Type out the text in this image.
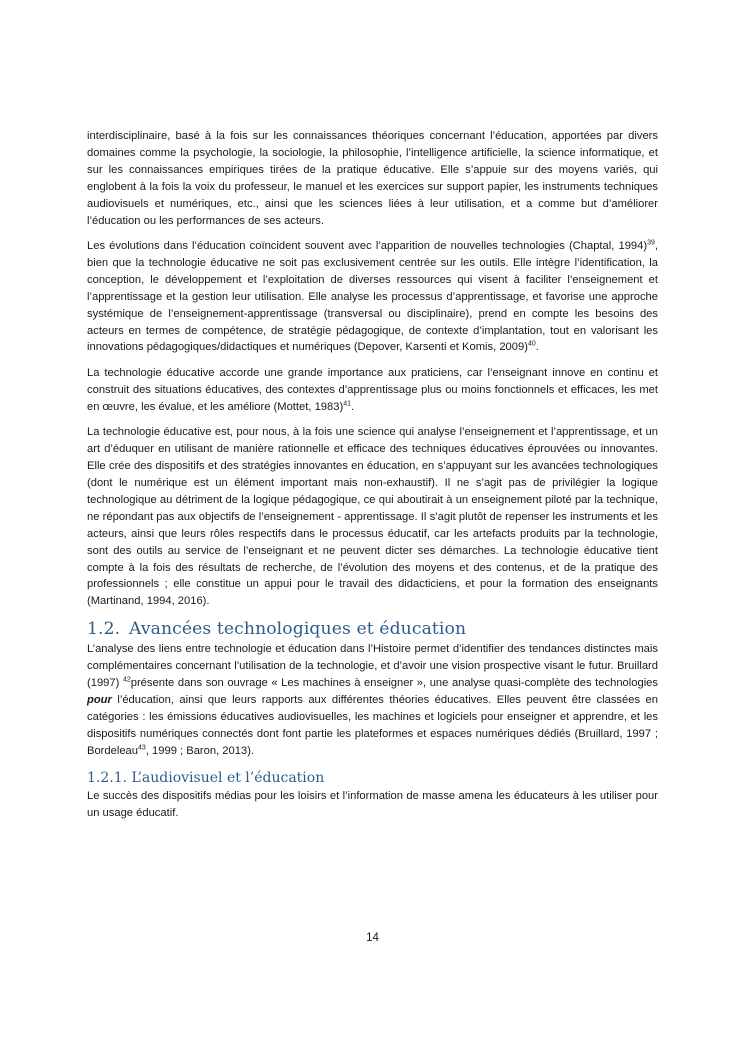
interdisciplinaire, basé à la fois sur les connaissances théoriques concernant l’éducation, apportées par divers domaines comme la psychologie, la sociologie, la philosophie, l’intelligence artificielle, la science informatique, et sur les connaissances empiriques tirées de la pratique éducative. Elle s’appuie sur des moyens variés, qui englobent à la fois la voix du professeur, le manuel et les exercices sur support papier, les instruments techniques audiovisuels et numériques, etc., ainsi que les sciences liées à leur utilisation, et a comme but d’améliorer l’éducation ou les performances de ses acteurs.

Les évolutions dans l’éducation coïncident souvent avec l’apparition de nouvelles technologies (Chaptal, 1994)$^{39}$, bien que la technologie éducative ne soit pas exclusivement centrée sur les outils. Elle intègre l’identification, la conception, le développement et l’exploitation de diverses ressources qui visent à faciliter l’enseignement et l’apprentissage et la gestion leur utilisation. Elle analyse les processus d’apprentissage, et favorise une approche systémique de l’enseignement-apprentissage (transversal ou disciplinaire), prend en compte les besoins des acteurs en termes de compétence, de stratégie pédagogique, de contexte d’implantation, tout en valorisant les innovations pédagogiques/didactiques et numériques (Depover, Karsenti et Komis, 2009)$^{40}$.

La technologie éducative accorde une grande importance aux praticiens, car l’enseignant innove en continu et construit des situations éducatives, des contextes d’apprentissage plus ou moins fonctionnels et efficaces, les met en œuvre, les évalue, et les améliore (Mottet, 1983)$^{41}$.

La technologie éducative est, pour nous, à la fois une science qui analyse l’enseignement et l’apprentissage, et un art d’éduquer en utilisant de manière rationnelle et efficace des techniques éducatives éprouvées ou innovantes. Elle crée des dispositifs et des stratégies innovantes en éducation, en s’appuyant sur les avancées technologiques (dont le numérique est un élément important mais non-exhaustif). Il ne s’agit pas de privilégier la logique technologique au détriment de la logique pédagogique, ce qui aboutirait à un enseignement piloté par la technique, ne répondant pas aux objectifs de l’enseignement - apprentissage. Il s’agit plutôt de repenser les instruments et les acteurs, ainsi que leurs rôles respectifs dans le processus éducatif, car les artefacts produits par la technologie, sont des outils au service de l’enseignant et ne peuvent dicter ses démarches. La technologie éducative tient compte à la fois des résultats de recherche, de l’évolution des moyens et des contenus, et de la pratique des professionnels ; elle constitue un appui pour le travail des didacticiens, et pour la formation des enseignants (Martinand, 1994, 2016).

1.2. Avancées technologiques et éducation

L’analyse des liens entre technologie et éducation dans l’Histoire permet d’identifier des tendances distinctes mais complémentaires concernant l’utilisation de la technologie, et d’avoir une vision prospective visant le futur. Bruillard (1997) $^{42}$présente dans son ouvrage « Les machines à enseigner », une analyse quasi-complète des technologies pour l’éducation, ainsi que leurs rapports aux différentes théories éducatives. Elles peuvent être classées en catégories : les émissions éducatives audiovisuelles, les machines et logiciels pour enseigner et apprendre, et les dispositifs numériques connectés dont font partie les plateformes et espaces numériques dédiés (Bruillard, 1997 ; Bordeleau$^{43}$, 1999 ; Baron, 2013).

1.2.1. L’audiovisuel et l’éducation

Le succès des dispositifs médias pour les loisirs et l’information de masse amena les éducateurs à les utiliser pour un usage éducatif.

14
